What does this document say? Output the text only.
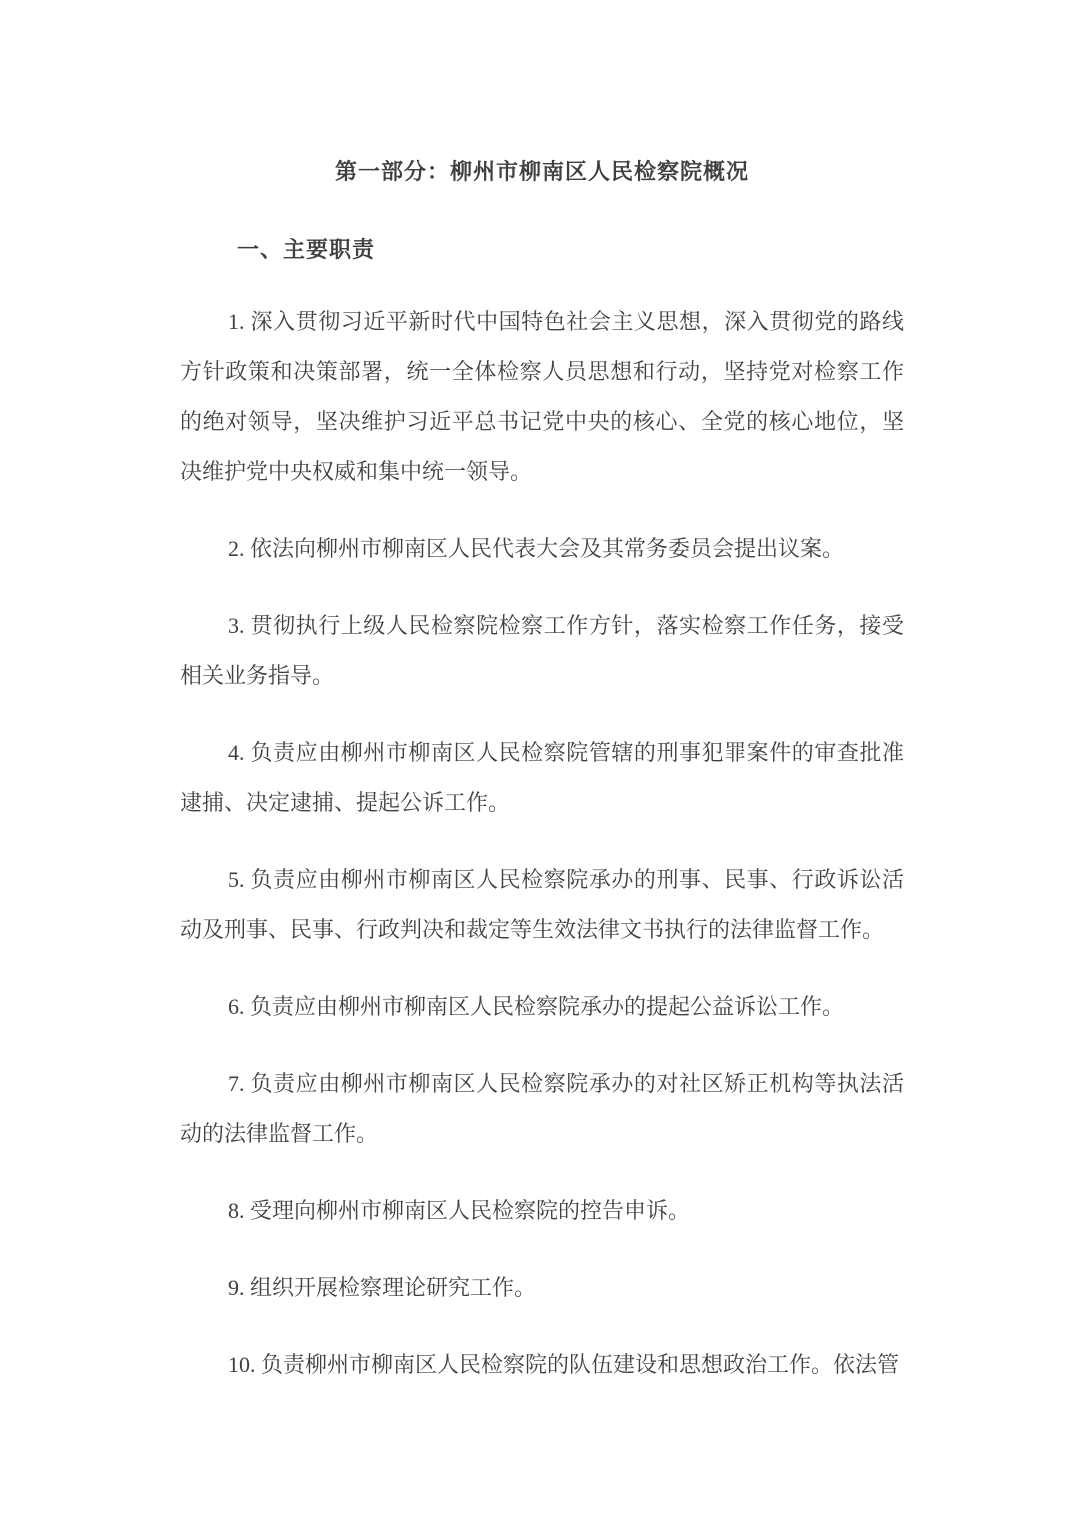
第一部分：柳州市柳南区人民检察院概况
一、主要职责

1. 深入贯彻习近平新时代中国特色社会主义思想，深入贯彻党的路线方针政策和决策部署，统一全体检察人员思想和行动，坚持党对检察工作的绝对领导，坚决维护习近平总书记党中央的核心、全党的核心地位，坚决维护党中央权威和集中统一领导。

2. 依法向柳州市柳南区人民代表大会及其常务委员会提出议案。

3. 贯彻执行上级人民检察院检察工作方针，落实检察工作任务，接受相关业务指导。

4. 负责应由柳州市柳南区人民检察院管辖的刑事犯罪案件的审查批准逮捕、决定逮捕、提起公诉工作。

5. 负责应由柳州市柳南区人民检察院承办的刑事、民事、行政诉讼活动及刑事、民事、行政判决和裁定等生效法律文书执行的法律监督工作。

6. 负责应由柳州市柳南区人民检察院承办的提起公益诉讼工作。

7. 负责应由柳州市柳南区人民检察院承办的对社区矫正机构等执法活动的法律监督工作。

8. 受理向柳州市柳南区人民检察院的控告申诉。

9. 组织开展检察理论研究工作。

10. 负责柳州市柳南区人民检察院的队伍建设和思想政治工作。依法管
